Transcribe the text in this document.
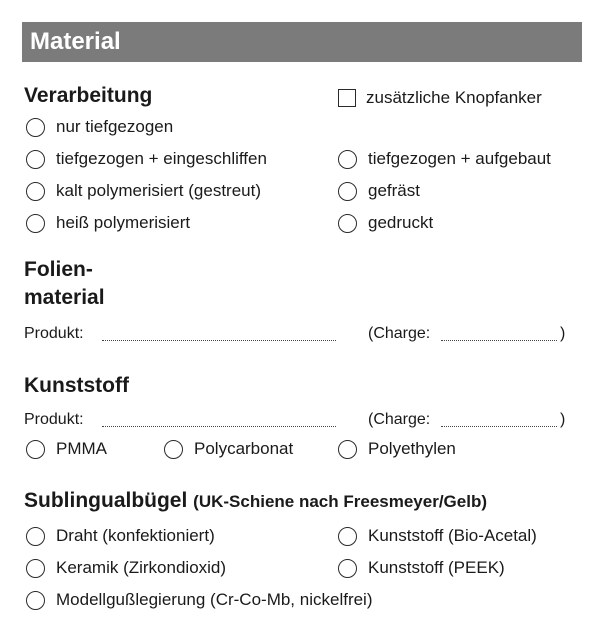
Material
Verarbeitung	zusätzliche Knopfanker
nur tiefgezogen
tiefgezogen + eingeschliffen
kalt polymerisiert (gestreut)
heiß polymerisiert
tiefgezogen + aufgebaut
gefräst
gedruckt
Folien-
material
Produkt:	(Charge:	)
Kunststoff
Produkt:	(Charge:	)
PMMA	Polycarbonat	Polyethylen
Sublingualbügel (UK-Schiene nach Freesmeyer/Gelb)
Draht (konfektioniert)
Keramik (Zirkondioxid)
Modellgußlegierung (Cr-Co-Mb, nickelfrei)
Kunststoff (Bio-Acetal)
Kunststoff (PEEK)
